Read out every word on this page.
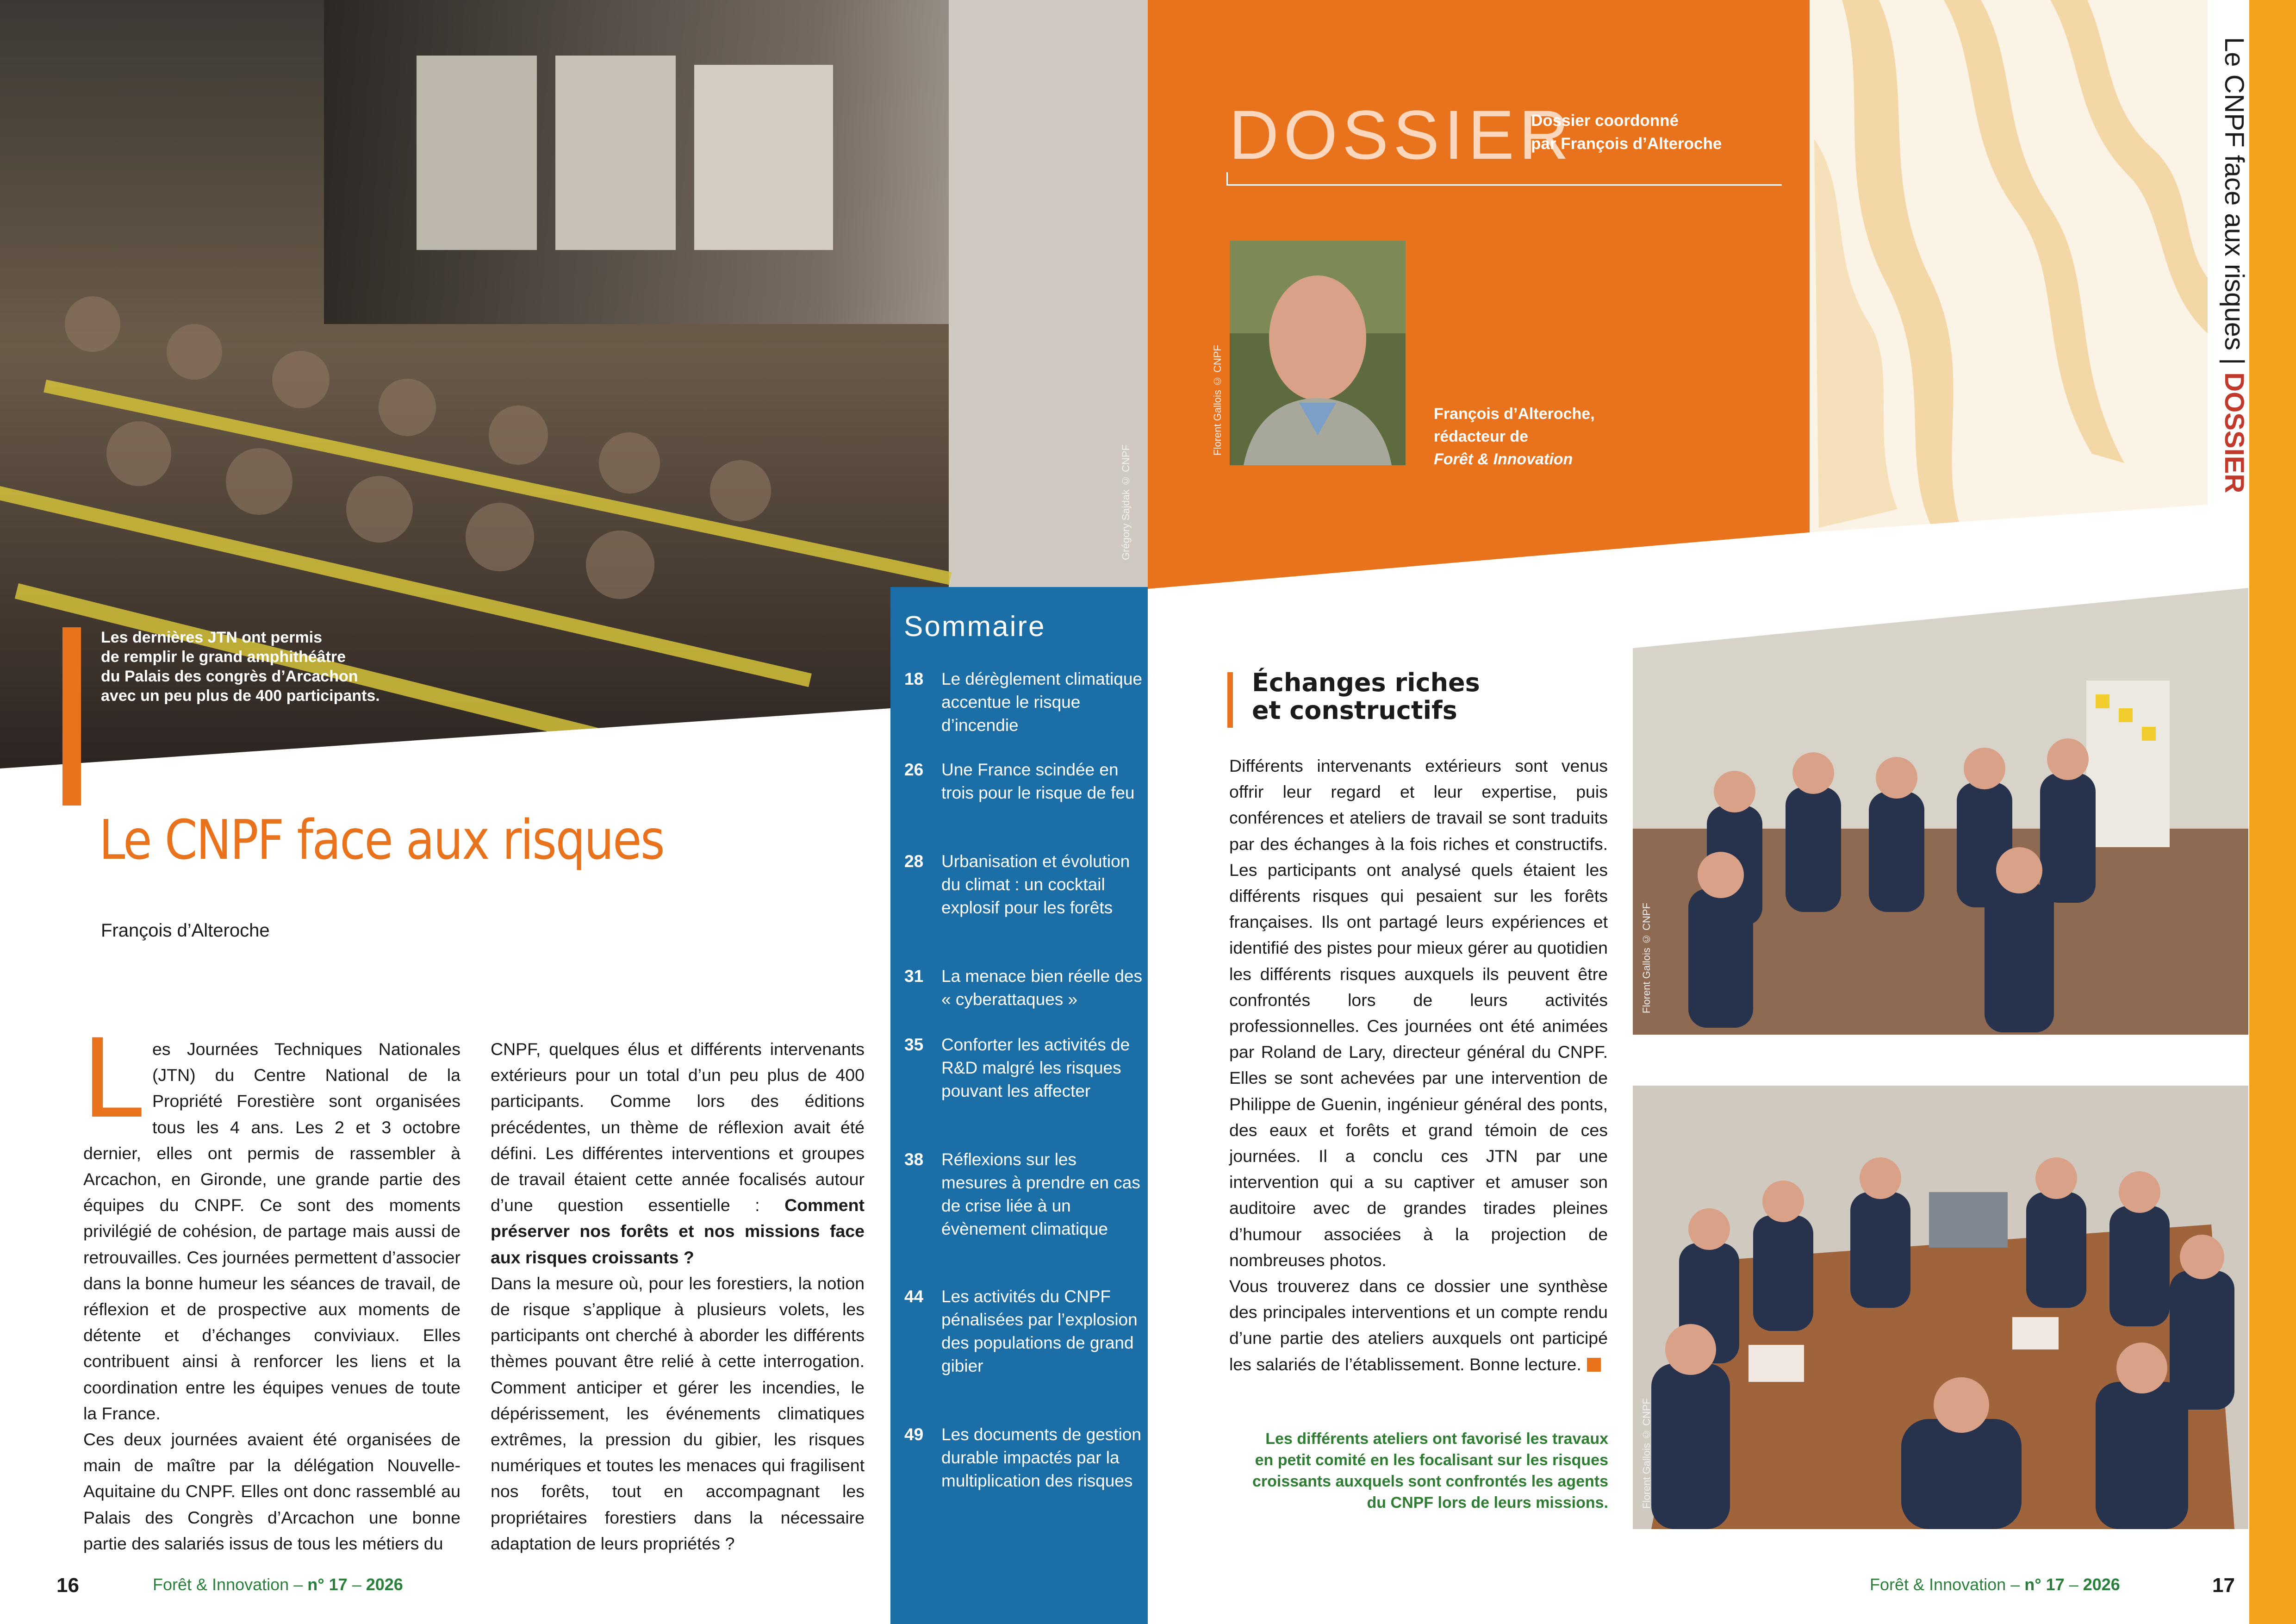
Grégory Sajdak © CNPF
Les dernières JTN ont permis
de remplir le grand amphithéâtre
du Palais des congrès d’Arcachon
avec un peu plus de 400 participants.
Le CNPF face aux risques
François d’Alteroche
Les Journées Techniques Nationales (JTN) du Centre National de la Propriété Forestière sont organisées tous les 4 ans. Les 2 et 3 octobre dernier, elles ont permis de rassembler à Arcachon, en Gironde, une grande partie des équipes du CNPF. Ce sont des moments privilégié de cohésion, de partage mais aussi de retrouvailles. Ces journées permettent d’associer dans la bonne humeur les séances de travail, de réflexion et de prospective aux moments de détente et d’échanges conviviaux. Elles contribuent ainsi à renforcer les liens et la coordination entre les équipes venues de toute la France.
Ces deux journées avaient été organisées de main de maître par la délégation Nouvelle-Aquitaine du CNPF. Elles ont donc rassemblé au Palais des Congrès d’Arcachon une bonne partie des salariés issus de tous les métiers du
CNPF, quelques élus et différents intervenants extérieurs pour un total d’un peu plus de 400 participants. Comme lors des éditions précédentes, un thème de réflexion avait été défini. Les différentes interventions et groupes de travail étaient cette année focalisés autour d’une question essentielle : Comment préserver nos forêts et nos missions face aux risques croissants ?
Dans la mesure où, pour les forestiers, la notion de risque s’applique à plusieurs volets, les participants ont cherché à aborder les différents thèmes pouvant être relié à cette interrogation. Comment anticiper et gérer les incendies, le dépérissement, les événements climatiques extrêmes, la pression du gibier, les risques numériques et toutes les menaces qui fragilisent nos forêts, tout en accompagnant les propriétaires forestiers dans la nécessaire adaptation de leurs propriétés ?
16	Forêt & Innovation – n° 17 – 2026
Sommaire
18 Le dérèglement climatique accentue le risque d’incendie
26 Une France scindée en trois pour le risque de feu
28 Urbanisation et évolution du climat : un cocktail explosif pour les forêts
31 La menace bien réelle des « cyberattaques »
35 Conforter les activités de R&D malgré les risques pouvant les affecter
38 Réflexions sur les mesures à prendre en cas de crise liée à un évènement climatique
44 Les activités du CNPF pénalisées par l’explosion des populations de grand gibier
49 Les documents de gestion durable impactés par la multiplication des risques
Le CNPF face aux risques | DOSSIER
DOSSIER
Dossier coordonné
par François d’Alteroche
Florent Gallois © CNPF	François d’Alteroche,
rédacteur de
Forêt & Innovation
Échanges riches
et constructifs
Différents intervenants extérieurs sont venus offrir leur regard et leur expertise, puis conférences et ateliers de travail se sont traduits par des échanges à la fois riches et constructifs. Les participants ont analysé quels étaient les différents risques qui pesaient sur les forêts françaises. Ils ont partagé leurs expériences et identifié des pistes pour mieux gérer au quotidien les différents risques auxquels ils peuvent être confrontés lors de leurs activités professionnelles. Ces journées ont été animées par Roland de Lary, directeur général du CNPF. Elles se sont achevées par une intervention de Philippe de Guenin, ingénieur général des ponts, des eaux et forêts et grand témoin de ces journées. Il a conclu ces JTN par une intervention qui a su captiver et amuser son auditoire avec de grandes tirades pleines d’humour associées à la projection de nombreuses photos.
Vous trouverez dans ce dossier une synthèse des principales interventions et un compte rendu d’une partie des ateliers auxquels ont participé les salariés de l’établissement. Bonne lecture.
Florent Gallois © CNPF
Florent Gallois © CNPF
Les différents ateliers ont favorisé les travaux en petit comité en les focalisant sur les risques croissants auxquels sont confrontés les agents du CNPF lors de leurs missions.
Forêt & Innovation – n° 17 – 2026	17
